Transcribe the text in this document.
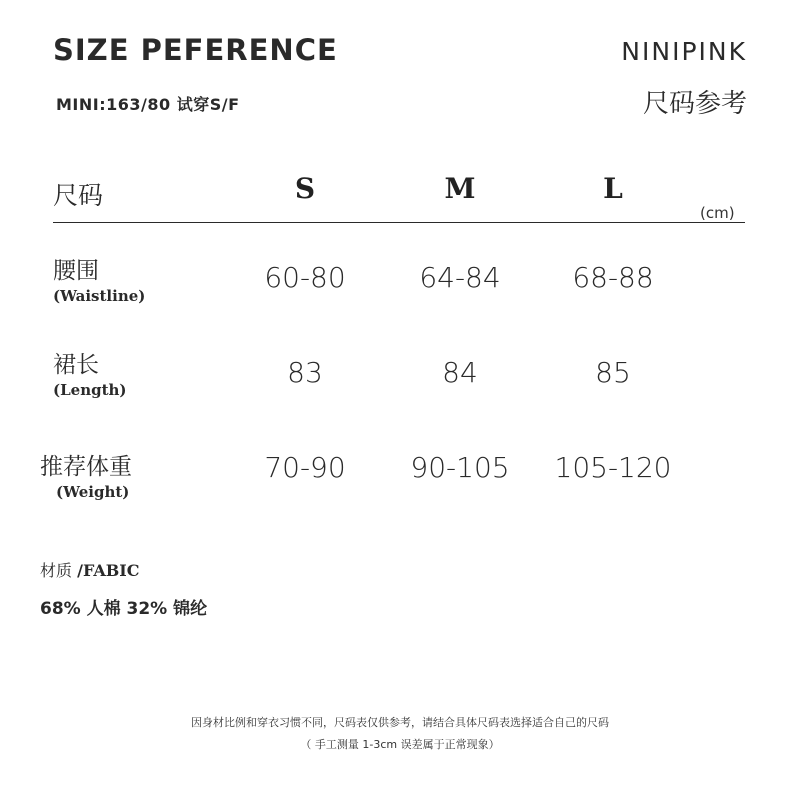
SIZE PEFERENCE	NINIPINK
MINI:163/80 试穿S/F	尺码参考
尺码	S	M	L
(cm)
腰围
(Waistline)
60-80	64-84	68-88
裙长
(Length)
83	84	85
推荐体重
(Weight)
70-90	90-105	105-120
材质 /FABIC
68% 人棉 32% 锦纶
因身材比例和穿衣习惯不同，尺码表仅供参考，请结合具体尺码表选择适合自己的尺码
（ 手工测量 1-3cm 误差属于正常现象）
